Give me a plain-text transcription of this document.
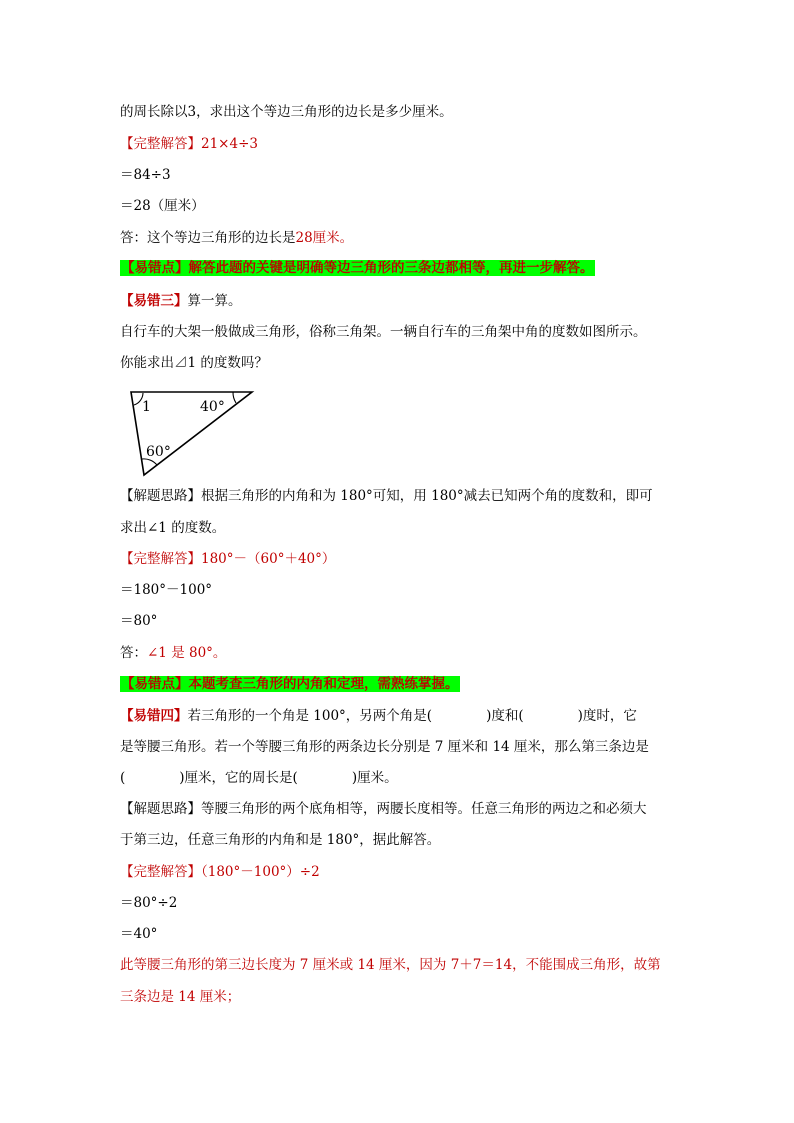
的周长除以3，求出这个等边三角形的边长是多少厘米。
【完整解答】21×4÷3
＝84÷3
＝28（厘米）
答：这个等边三角形的边长是28厘米。
【易错点】解答此题的关键是明确等边三角形的三条边都相等，再进一步解答。
【易错三】算一算。
自行车的大架一般做成三角形，俗称三角架。一辆自行车的三角架中角的度数如图所示。
你能求出⊿1 的度数吗？
1	40°
60°
【解题思路】根据三角形的内角和为 180°可知，用 180°减去已知两个角的度数和，即可
求出∠1 的度数。
【完整解答】180°－（60°＋40°）
＝180°－100°
＝80°
答：∠1 是 80°。
【易错点】本题考查三角形的内角和定理，需熟练掌握。
【易错四】若三角形的一个角是 100°，另两个角是(	)度和(	)度时，它
是等腰三角形。若一个等腰三角形的两条边长分别是 7 厘米和 14 厘米，那么第三条边是
(	)厘米，它的周长是(	)厘米。
【解题思路】等腰三角形的两个底角相等，两腰长度相等。任意三角形的两边之和必须大
于第三边，任意三角形的内角和是 180°，据此解答。
【完整解答】（180°－100°）÷2
＝80°÷2
＝40°
此等腰三角形的第三边长度为 7 厘米或 14 厘米，因为 7＋7＝14，不能围成三角形，故第
三条边是 14 厘米；
